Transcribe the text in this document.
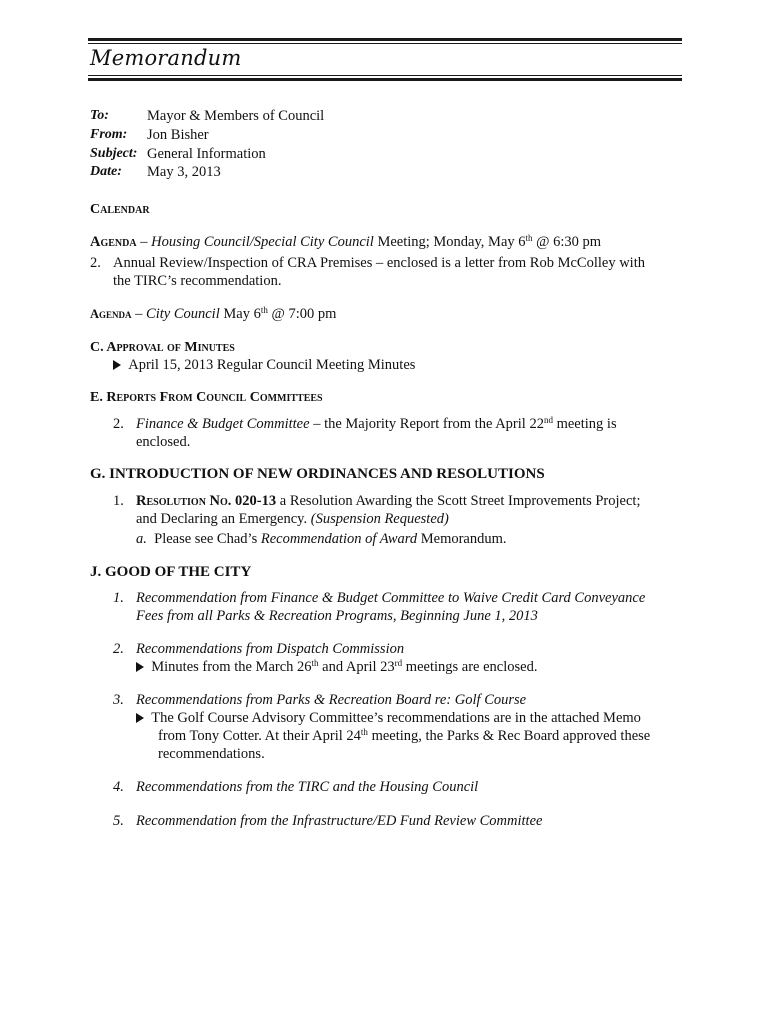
Memorandum
To:	Mayor & Members of Council
From: Jon Bisher
Subject: General Information
Date: May 3, 2013
Calendar
Agenda – Housing Council/Special City Council Meeting; Monday, May 6th @ 6:30 pm
2. Annual Review/Inspection of CRA Premises – enclosed is a letter from Rob McColley with
the TIRC’s recommendation.
Agenda – City Council May 6th @ 7:00 pm
C. Approval of Minutes
April 15, 2013 Regular Council Meeting Minutes
E. Reports From Council Committees
2. Finance & Budget Committee – the Majority Report from the April 22nd meeting is
enclosed.
G. INTRODUCTION OF NEW ORDINANCES AND RESOLUTIONS
1. Resolution No. 020-13 a Resolution Awarding the Scott Street Improvements Project;
and Declaring an Emergency. (Suspension Requested)
a. Please see Chad’s Recommendation of Award Memorandum.
J. GOOD OF THE CITY
1. Recommendation from Finance & Budget Committee to Waive Credit Card Conveyance
Fees from all Parks & Recreation Programs, Beginning June 1, 2013
2. Recommendations from Dispatch Commission
Minutes from the March 26th and April 23rd meetings are enclosed.
3. Recommendations from Parks & Recreation Board re: Golf Course
The Golf Course Advisory Committee’s recommendations are in the attached Memo
from Tony Cotter. At their April 24th meeting, the Parks & Rec Board approved these
recommendations.
4. Recommendations from the TIRC and the Housing Council
5. Recommendation from the Infrastructure/ED Fund Review Committee
